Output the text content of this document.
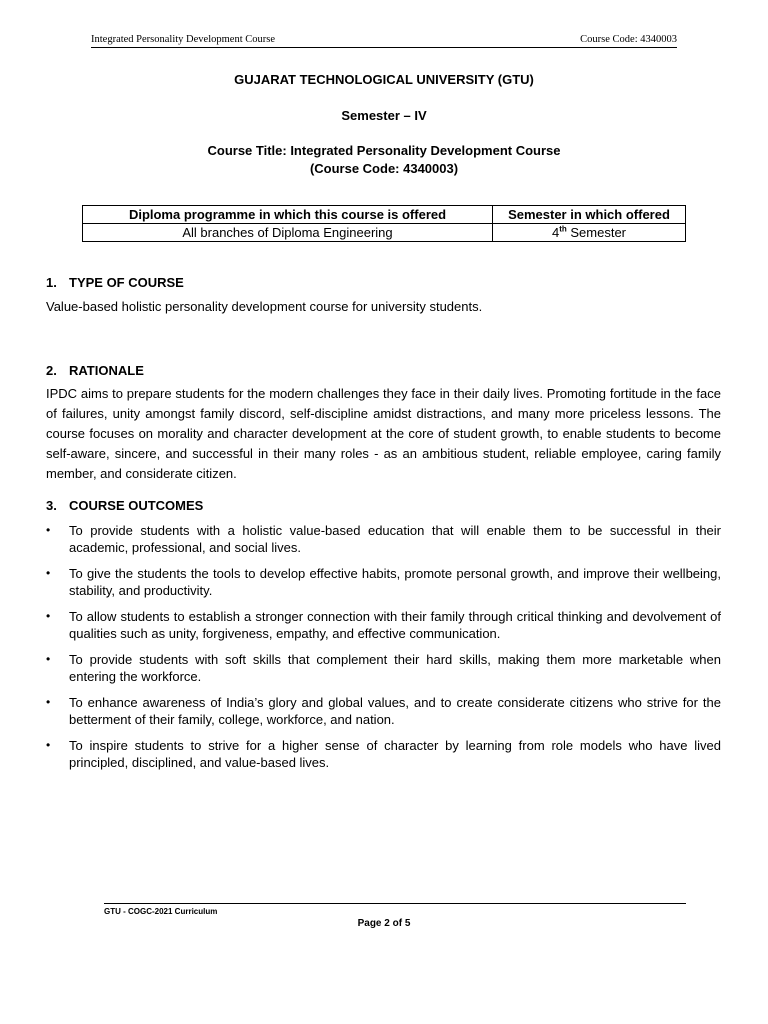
Integrated Personality Development Course	Course Code: 4340003
GUJARAT TECHNOLOGICAL UNIVERSITY (GTU)
Semester – IV
Course Title: Integrated Personality Development Course
(Course Code: 4340003)
Diploma programme in which this course is offered	Semester in which offered
All branches of Diploma Engineering	4th Semester
1. TYPE OF COURSE
Value-based holistic personality development course for university students.
2. RATIONALE
IPDC aims to prepare students for the modern challenges they face in their daily lives. Promoting fortitude in the face of failures, unity amongst family discord, self-discipline amidst distractions, and many more priceless lessons. The course focuses on morality and character development at the core of student growth, to enable students to become self-aware, sincere, and successful in their many roles - as an ambitious student, reliable employee, caring family member, and considerate citizen.
3. COURSE OUTCOMES
• To provide students with a holistic value-based education that will enable them to be successful in their academic, professional, and social lives.
• To give the students the tools to develop effective habits, promote personal growth, and improve their wellbeing, stability, and productivity.
• To allow students to establish a stronger connection with their family through critical thinking and devolvement of qualities such as unity, forgiveness, empathy, and effective communication.
• To provide students with soft skills that complement their hard skills, making them more marketable when entering the workforce.
• To enhance awareness of India’s glory and global values, and to create considerate citizens who strive for the betterment of their family, college, workforce, and nation.
• To inspire students to strive for a higher sense of character by learning from role models who have lived principled, disciplined, and value-based lives.
GTU - COGC-2021 Curriculum
Page 2 of 5
